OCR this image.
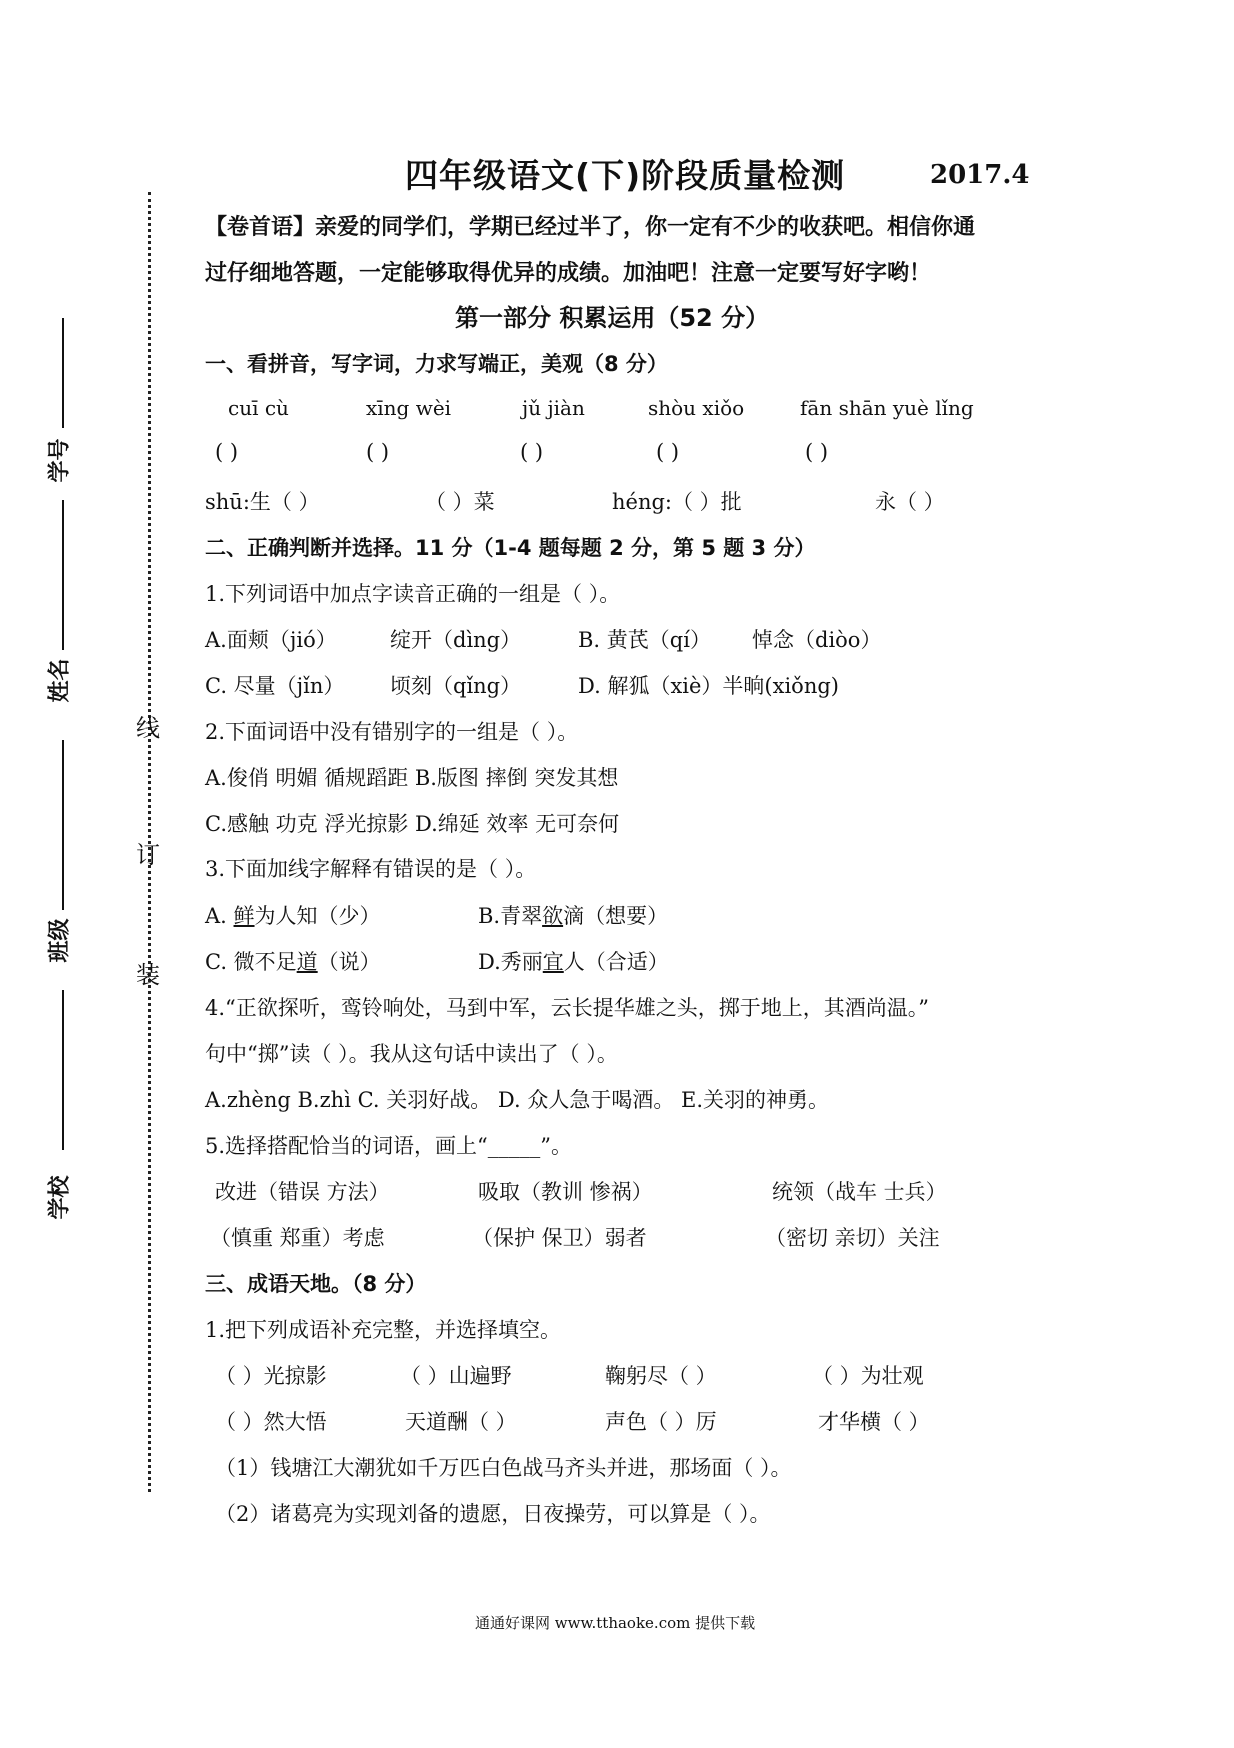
学号
姓名
班级
学校
线
订
装
四年级语文(下)阶段质量检测	2017.4
【卷首语】亲爱的同学们，学期已经过半了，你一定有不少的收获吧。相信你通
过仔细地答题，一定能够取得优异的成绩。加油吧！注意一定要写好字哟！
第一部分 积累运用（52 分）
一、看拼音，写字词，力求写端正，美观（8 分）
cuī cù	xīng wèi	jǔ jiàn	shòu xiǒo	fān shān yuè lǐng
( )	( )	( )	( )	( )
shū:生（ ）	（ ）菜	héng:（ ）批	永（ ）
二、正确判断并选择。11 分（1-4 题每题 2 分，第 5 题 3 分）
1.下列词语中加点字读音正确的一组是（ ）。
A.面颊（jió）	绽开（dìng）	B. 黄芪（qí） 悼念（diòo）
C. 尽量（jǐn） 顷刻（qǐng）	D. 解狐（xiè）半晌(xiǒng)
2.下面词语中没有错别字的一组是（ ）。
A.俊俏 明媚 循规蹈距 B.版图 摔倒 突发其想
C.感触 功克 浮光掠影 D.绵延 效率 无可奈何
3.下面加线字解释有错误的是（ ）。
A. 鲜为人知（少）	B.青翠欲滴（想要）
C. 微不足道（说）	D.秀丽宜人（合适）
4.“正欲探听，鸾铃响处，马到中军，云长提华雄之头，掷于地上，其酒尚温。”
句中“掷”读（ ）。我从这句话中读出了（ ）。
A.zhèng B.zhì C. 关羽好战。 D. 众人急于喝酒。 E.关羽的神勇。
5.选择搭配恰当的词语，画上“_____”。
改进（错误 方法）	吸取（教训 惨祸）	统领（战车 士兵）
（慎重 郑重）考虑	（保护 保卫）弱者	（密切 亲切）关注
三、成语天地。（8 分）
1.把下列成语补充完整，并选择填空。
（ ）光掠影	（ ）山遍野	鞠躬尽（ ）	（ ）为壮观
（ ）然大悟	天道酬（ ）	声色（ ）厉	才华横（ ）
（1）钱塘江大潮犹如千万匹白色战马齐头并进，那场面（ ）。
（2）诸葛亮为实现刘备的遗愿，日夜操劳，可以算是（ ）。
通通好课网 www.tthaoke.com 提供下载
